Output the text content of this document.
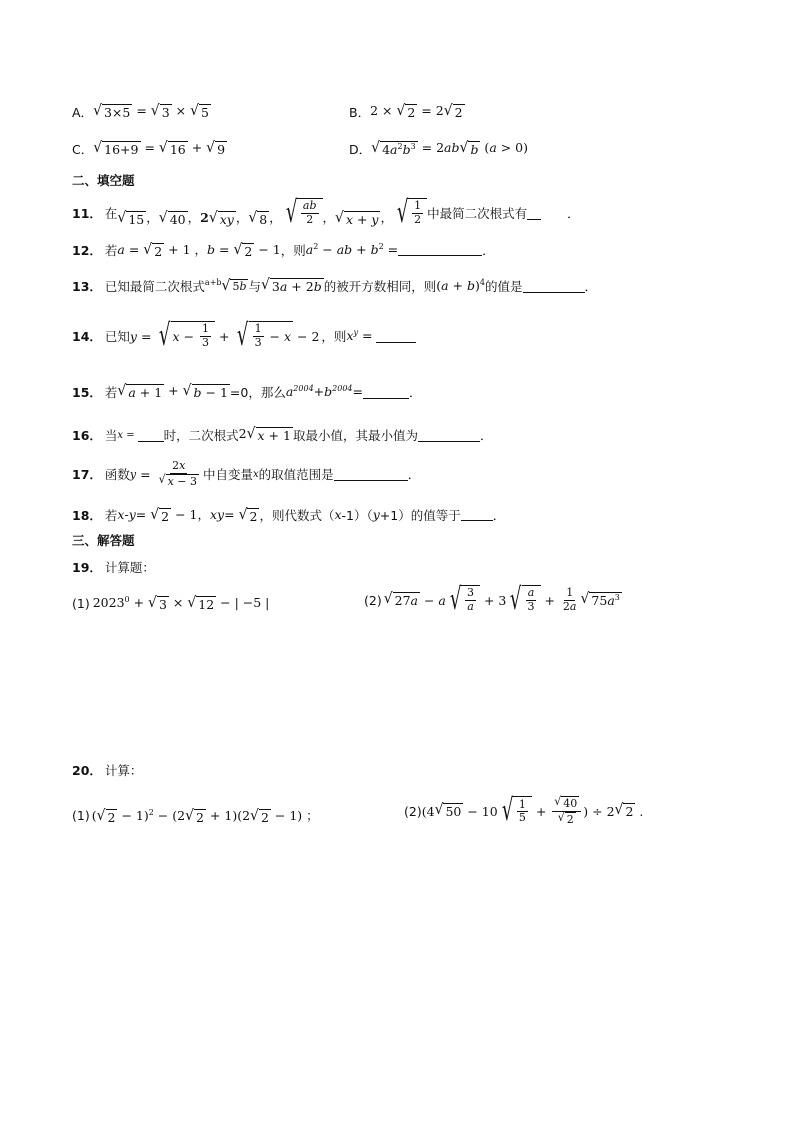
A． √ 3×5 = √ 3 × √ 5	B． 2 × √ 2 = 2 √ 2
C． √ 16+9 = √ 16 + √ 9	D． √ $4a^2b^3 = 2ab$ √ b (a > 0)
二、填空题
11． 在 √ 15 ， √ 40 ，2 √ xy ， √ 8 ， √ $\frac{ab}{2}$ ， √ x + y ， √ $\frac{1}{2}$ 中最简二次根式有	．
12． 若 a = √ 2 + 1 ，b = √ 2 − 1 ，则 $a^2$ − ab + $b^2$ =	．
13． 已知最简二次根式 $^{a+b}$ √ 5b 与 √ 3a + 2b 的被开方数相同，则 $(a + b)^4$ 的值是	．
14． 已知 y = √ $x - \frac{1}{3}$ + √ $\frac{1}{3} - x - 2$ ，则 $x^y$ =
15． 若 √ a + 1 + √ b − 1 =0，那么 $a^{2004}+b^{2004}=$	．
16． 当 x = 时，二次根式 2 √ x + 1 取最小值，其最小值为	．
17． 函数 $y = \frac{2x}{√ x - 3}$ 中自变量 x 的取值范围是	．
18． 若 x-y= √ 2 − 1，xy= √ 2 ，则代数式（ x -1）（ y +1）的值等于	．
三、解答题
19． 计算题：
(1) $2023^0$ + √ 3 × √ 12 − | −5 |	(2) √ 27a − a √ $\frac{3}{a} + 3$ √ $\frac{a}{3} + \frac{1}{2a}$ √ $75a^3$
20． 计算：
(1) ( √ 2 − 1)$^2$ − (2 √ 2 + 1)(2 √ 2 − 1) ；	(2) (4 √ 50 − 10 √ $\frac{1}{5} + \frac{√ 40}{√ 2}$ ) ÷ 2 √ 2 .
